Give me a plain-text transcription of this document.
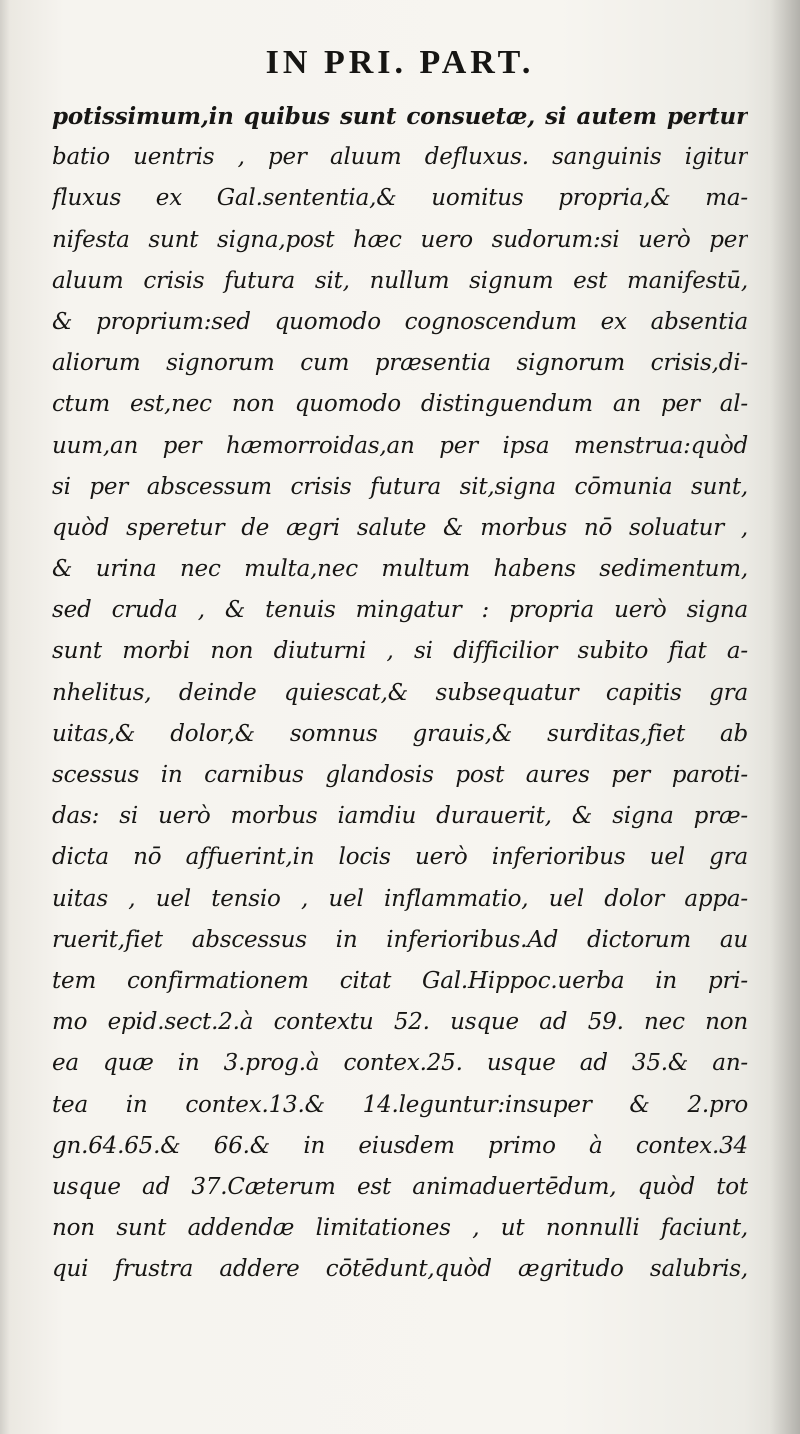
IN PRI. PART.
potissimum,in quibus sunt consuetæ, si autem pertur
batio uentris , per aluum defluxus. sanguinis igitur
fluxus ex Gal.sententia,& uomitus propria,& ma-
nifesta sunt signa,post hæc uero sudorum:si uerò per
aluum crisis futura sit, nullum signum est manifestū,
& proprium:sed quomodo cognoscendum ex absentia
aliorum signorum cum præsentia signorum crisis,di-
ctum est,nec non quomodo distinguendum an per al-
uum,an per hæmorroidas,an per ipsa menstrua:quòd
si per abscessum crisis futura sit,signa cōmunia sunt,
quòd speretur de ægri salute & morbus nō soluatur ,
& urina nec multa,nec multum habens sedimentum,
sed cruda , & tenuis mingatur : propria uerò signa
sunt morbi non diuturni , si difficilior subito fiat a-
nhelitus, deinde quiescat,& subsequatur capitis gra
uitas,& dolor,& somnus grauis,& surditas,fiet ab
scessus in carnibus glandosis post aures per paroti-
das: si uerò morbus iamdiu durauerit, & signa præ-
dicta nō affuerint,in locis uerò inferioribus uel gra
uitas , uel tensio , uel inflammatio, uel dolor appa-
ruerit,fiet abscessus in inferioribus.Ad dictorum au
tem confirmationem citat Gal.Hippoc.uerba in pri-
mo epid.sect.2.à contextu 52. usque ad 59. nec non
ea quæ in 3.prog.à contex.25. usque ad 35.& an-
tea in contex.13.& 14.leguntur:insuper & 2.pro
gn.64.65.& 66.& in eiusdem primo à contex.34
usque ad 37.Cæterum est animaduertēdum, quòd tot
non sunt addendæ limitationes , ut nonnulli faciunt,
qui frustra addere cōtēdunt,quòd ægritudo salubris,
